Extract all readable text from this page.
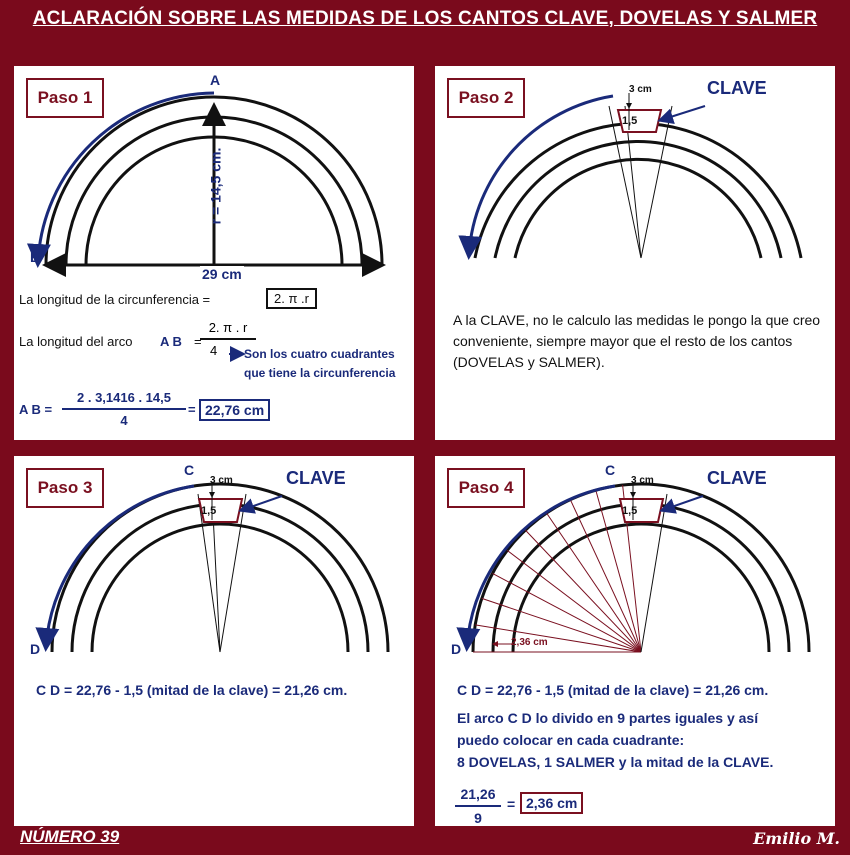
ACLARACIÓN SOBRE LAS MEDIDAS DE LOS CANTOS CLAVE, DOVELAS Y SALMER
Paso 1
A
B
r = 14,5 cm.
29 cm
La longitud de la circunferencia =	2. π .r
La longitud del arco A B =
2. π . r
4	Son los cuatro cuadrantes
que tiene la circunferencia
A B =
2 . 3,1416 . 14,5
4
= 22,76 cm
Paso 2	3 cm
1,5
CLAVE
A la CLAVE, no le calculo las medidas le pongo la que creo conveniente, siempre mayor que el resto de los cantos (DOVELAS y SALMER).
Paso 3
C
D
3 cm
1,5
CLAVE
C D = 22,76 - 1,5 (mitad de la clave) = 21,26 cm.
Paso 4
C
D
3 cm
1,5
CLAVE
2,36 cm
C D = 22,76 - 1,5 (mitad de la clave) = 21,26 cm.
El arco C D lo divido en 9 partes iguales y así
puedo colocar en cada cuadrante:
8 DOVELAS, 1 SALMER y la mitad de la CLAVE.
21,26
9
= 2,36 cm
NÚMERO 39	Emilio M.
